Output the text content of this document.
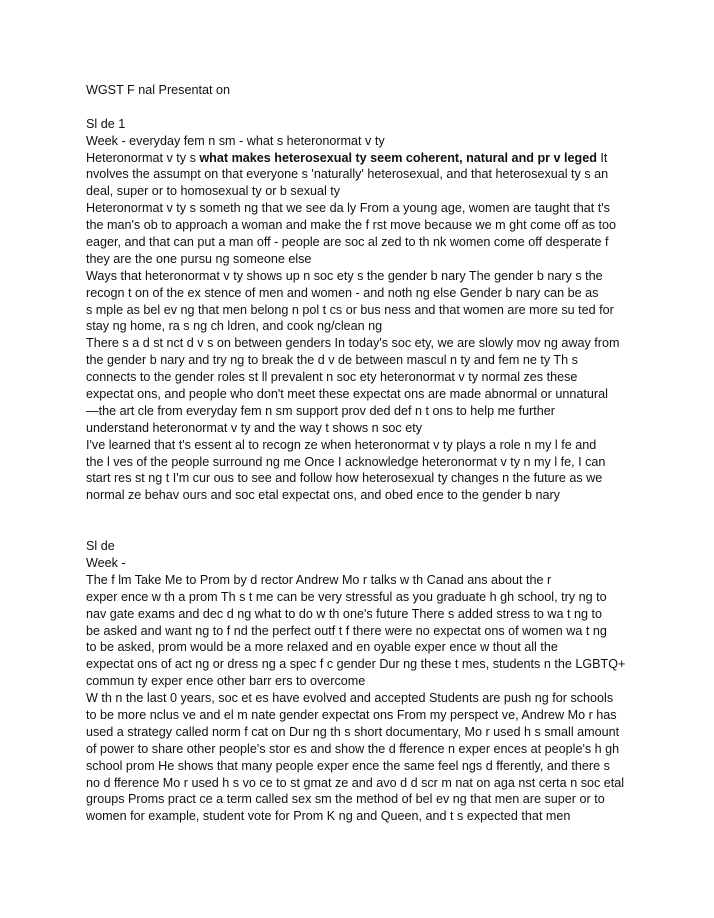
WGST F nal Presentat on
Sl de 1
Week - everyday fem n sm - what s heteronormat v ty
Heteronormat v ty s what makes heterosexual ty seem coherent, natural and pr v leged It
nvolves the assumpt on that everyone s 'naturally' heterosexual, and that heterosexual ty s an
deal, super or to homosexual ty or b sexual ty
Heteronormat v ty s someth ng that we see da ly From a young age, women are taught that t's
the man's ob to approach a woman and make the f rst move because we m ght come off as too
eager, and that can put a man off - people are soc al zed to th nk women come off desperate f
they are the one pursu ng someone else
Ways that heteronormat v ty shows up n soc ety s the gender b nary The gender b nary s the
recogn t on of the ex stence of men and women - and noth ng else Gender b nary can be as
s mple as bel ev ng that men belong n pol t cs or bus ness and that women are more su ted for
stay ng home, ra s ng ch ldren, and cook ng/clean ng
There s a d st nct d v s on between genders In today's soc ety, we are slowly mov ng away from
the gender b nary and try ng to break the d v de between mascul n ty and fem ne ty Th s
connects to the gender roles st ll prevalent n soc ety heteronormat v ty normal zes these
expectat ons, and people who don't meet these expectat ons are made abnormal or unnatural
—the art cle from everyday fem n sm support prov ded def n t ons to help me further
understand heteronormat v ty and the way t shows n soc ety
I've learned that t's essent al to recogn ze when heteronormat v ty plays a role n my l fe and
the l ves of the people surround ng me Once I acknowledge heteronormat v ty n my l fe, I can
start res st ng t I'm cur ous to see and follow how heterosexual ty changes n the future as we
normal ze behav ours and soc etal expectat ons, and obed ence to the gender b nary
Sl de
Week -
The f lm Take Me to Prom by d rector Andrew Mo r talks w th Canad ans about the r
exper ence w th a prom Th s t me can be very stressful as you graduate h gh school, try ng to
nav gate exams and dec d ng what to do w th one's future There s added stress to wa t ng to
be asked and want ng to f nd the perfect outf t f there were no expectat ons of women wa t ng
to be asked, prom would be a more relaxed and en oyable exper ence w thout all the
expectat ons of act ng or dress ng a spec f c gender Dur ng these t mes, students n the LGBTQ+
commun ty exper ence other barr ers to overcome
W th n the last 0 years, soc et es have evolved and accepted Students are push ng for schools
to be more nclus ve and el m nate gender expectat ons From my perspect ve, Andrew Mo r has
used a strategy called norm f cat on Dur ng th s short documentary, Mo r used h s small amount
of power to share other people's stor es and show the d fference n exper ences at people's h gh
school prom He shows that many people exper ence the same feel ngs d fferently, and there s
no d fference Mo r used h s vo ce to st gmat ze and avo d d scr m nat on aga nst certa n soc etal
groups Proms pract ce a term called sex sm the method of bel ev ng that men are super or to
women for example, student vote for Prom K ng and Queen, and t s expected that men
